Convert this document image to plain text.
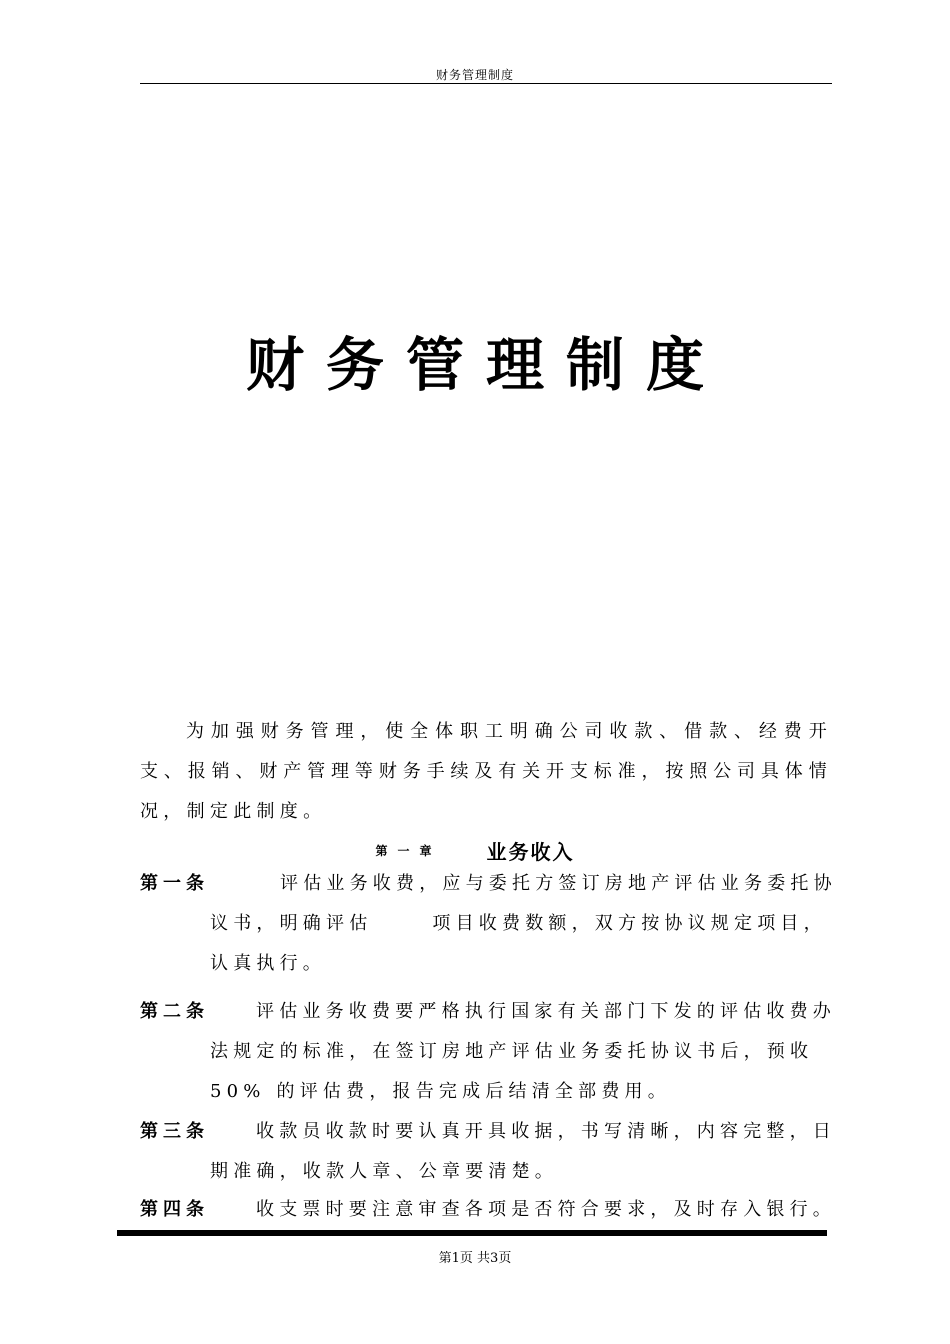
财务管理制度
财务管理制度

为加强财务管理，使全体职工明确公司收款、借款、经费开支、报销、财产管理等财务手续及有关开支标准，按照公司具体情况，制定此制度。

第一章 业务收入
第一条	评估业务收费，应与委托方签订房地产评估业务委托协
议书，明确评估	项目收费数额，双方按协议规定项目，
认真执行。
第二条	评估业务收费要严格执行国家有关部门下发的评估收费办
法规定的标准，在签订房地产评估业务委托协议书后，预收
50% 的评估费，报告完成后结清全部费用。
第三条	收款员收款时要认真开具收据，书写清晰，内容完整，日
期准确，收款人章、公章要清楚。
第四条	收支票时要注意审查各项是否符合要求，及时存入银行。
第1页 共3页
